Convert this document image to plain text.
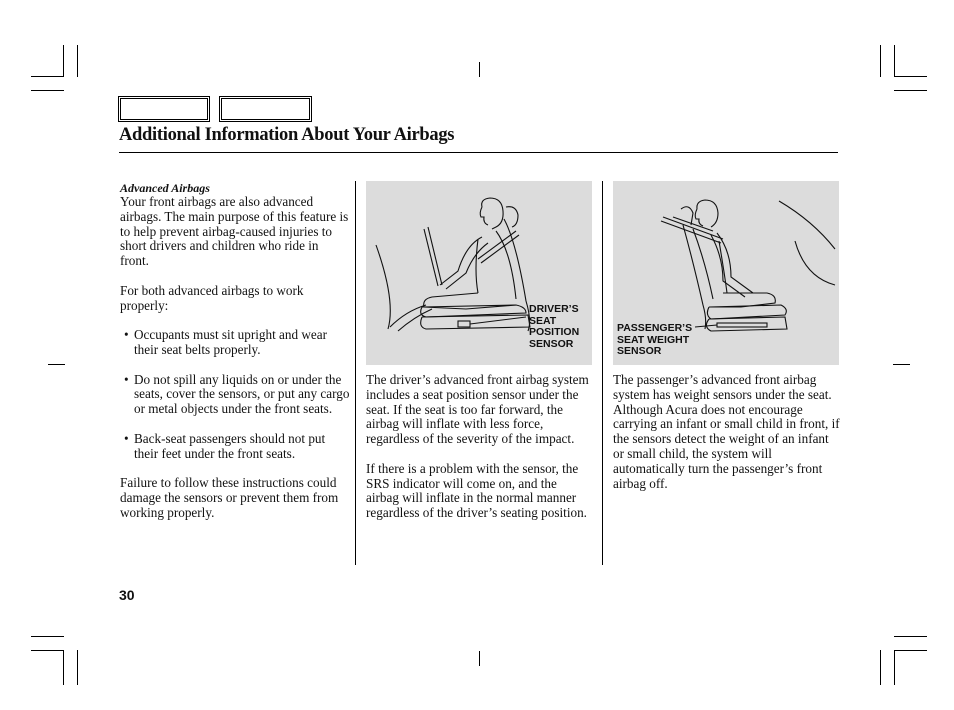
Additional Information About Your Airbags
Advanced Airbags

Your front airbags are also advanced airbags. The main purpose of this feature is to help prevent airbag-caused injuries to short drivers and children who ride in front.

For both advanced airbags to work properly:

• Occupants must sit upright and wear their seat belts properly.
• Do not spill any liquids on or under the seats, cover the sensors, or put any cargo or metal objects under the front seats.
• Back-seat passengers should not put their feet under the front seats.

Failure to follow these instructions could damage the sensors or prevent them from working properly.

DRIVER’S
SEAT
POSITION
SENSOR

The driver’s advanced front airbag system includes a seat position sensor under the seat. If the seat is too far forward, the airbag will inflate with less force, regardless of the severity of the impact.

If there is a problem with the sensor, the SRS indicator will come on, and the airbag will inflate in the normal manner regardless of the driver’s seating position.

PASSENGER’S
SEAT WEIGHT
SENSOR

The passenger’s advanced front airbag system has weight sensors under the seat. Although Acura does not encourage carrying an infant or small child in front, if the sensors detect the weight of an infant or small child, the system will automatically turn the passenger’s front airbag off.

30
